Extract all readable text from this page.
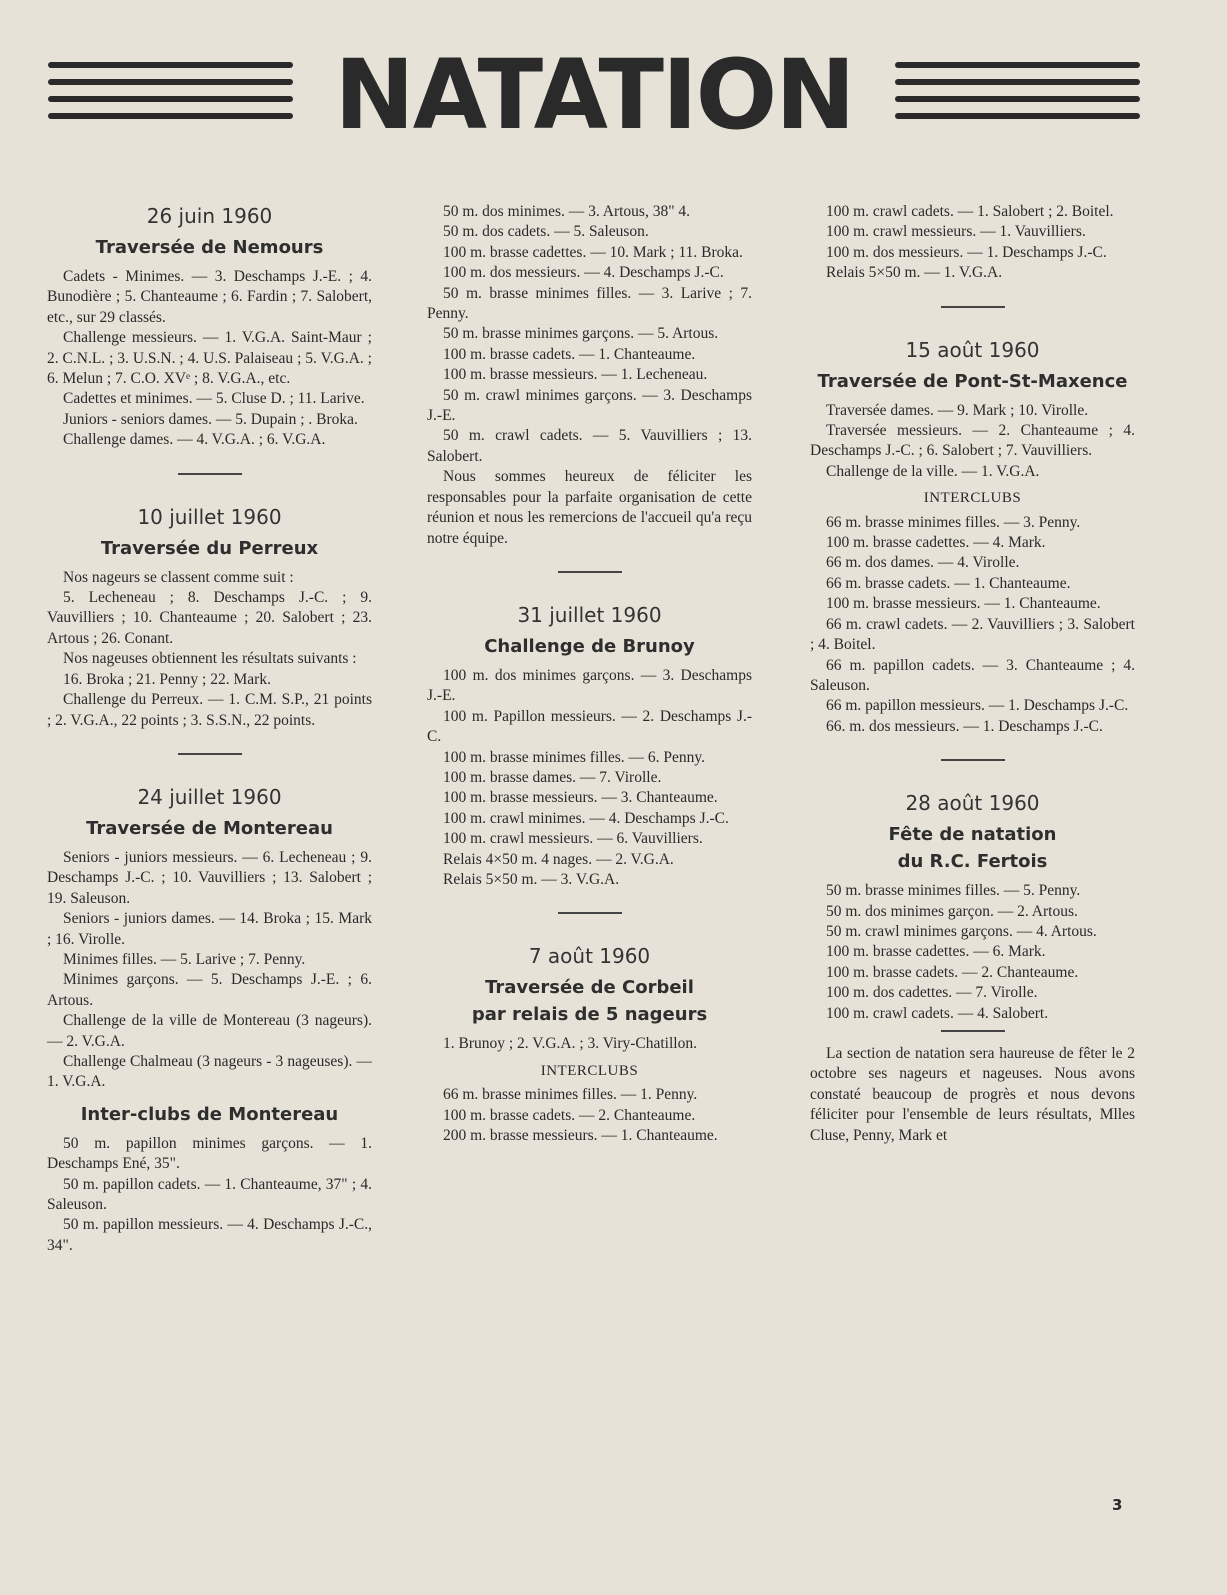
NATATION
26 juin 1960
Traversée de Nemours

Cadets - Minimes. — 3. Deschamps J.-E. ; 4. Bunodière ; 5. Chanteaume ; 6. Fardin ; 7. Salobert, etc., sur 29 classés.

Challenge messieurs. — 1. V.G.A. Saint-Maur ; 2. C.N.L. ; 3. U.S.N. ; 4. U.S. Palaiseau ; 5. V.G.A. ; 6. Melun ; 7. C.O. XVᵉ ; 8. V.G.A., etc.

Cadettes et minimes. — 5. Cluse D. ; 11. Larive.

Juniors - seniors dames. — 5. Dupain ; . Broka.

Challenge dames. — 4. V.G.A. ; 6. V.G.A.

10 juillet 1960
Traversée du Perreux

Nos nageurs se classent comme suit :

5. Lecheneau ; 8. Deschamps J.-C. ; 9. Vauvilliers ; 10. Chanteaume ; 20. Salobert ; 23. Artous ; 26. Conant.

Nos nageuses obtiennent les résultats suivants :

16. Broka ; 21. Penny ; 22. Mark.

Challenge du Perreux. — 1. C.M. S.P., 21 points ; 2. V.G.A., 22 points ; 3. S.S.N., 22 points.

24 juillet 1960
Traversée de Montereau

Seniors - juniors messieurs. — 6. Lecheneau ; 9. Deschamps J.-C. ; 10. Vauvilliers ; 13. Salobert ; 19. Saleuson.

Seniors - juniors dames. — 14. Broka ; 15. Mark ; 16. Virolle.

Minimes filles. — 5. Larive ; 7. Penny.

Minimes garçons. — 5. Deschamps J.-E. ; 6. Artous.

Challenge de la ville de Montereau (3 nageurs). — 2. V.G.A.

Challenge Chalmeau (3 nageurs - 3 nageuses). — 1. V.G.A.

Inter-clubs de Montereau

50 m. papillon minimes garçons. — 1. Deschamps Ené, 35".

50 m. papillon cadets. — 1. Chanteaume, 37" ; 4. Saleuson.

50 m. papillon messieurs. — 4. Deschamps J.-C., 34".

50 m. dos minimes. — 3. Artous, 38" 4.

50 m. dos cadets. — 5. Saleuson.

100 m. brasse cadettes. — 10. Mark ; 11. Broka.

100 m. dos messieurs. — 4. Deschamps J.-C.

50 m. brasse minimes filles. — 3. Larive ; 7. Penny.

50 m. brasse minimes garçons. — 5. Artous.

100 m. brasse cadets. — 1. Chanteaume.

100 m. brasse messieurs. — 1. Lecheneau.

50 m. crawl minimes garçons. — 3. Deschamps J.-E.

50 m. crawl cadets. — 5. Vauvilliers ; 13. Salobert.

Nous sommes heureux de féliciter les responsables pour la parfaite organisation de cette réunion et nous les remercions de l'accueil qu'a reçu notre équipe.

31 juillet 1960
Challenge de Brunoy

100 m. dos minimes garçons. — 3. Deschamps J.-E.

100 m. Papillon messieurs. — 2. Deschamps J.-C.

100 m. brasse minimes filles. — 6. Penny.

100 m. brasse dames. — 7. Virolle.

100 m. brasse messieurs. — 3. Chanteaume.

100 m. crawl minimes. — 4. Deschamps J.-C.

100 m. crawl messieurs. — 6. Vauvilliers.

Relais 4×50 m. 4 nages. — 2. V.G.A.

Relais 5×50 m. — 3. V.G.A.

7 août 1960
Traversée de Corbeil
par relais de 5 nageurs

1. Brunoy ; 2. V.G.A. ; 3. Viry-Chatillon.

INTERCLUBS

66 m. brasse minimes filles. — 1. Penny.

100 m. brasse cadets. — 2. Chanteaume.

200 m. brasse messieurs. — 1. Chanteaume.

100 m. crawl cadets. — 1. Salobert ; 2. Boitel.

100 m. crawl messieurs. — 1. Vauvilliers.

100 m. dos messieurs. — 1. Deschamps J.-C.

Relais 5×50 m. — 1. V.G.A.

15 août 1960
Traversée de Pont-St-Maxence

Traversée dames. — 9. Mark ; 10. Virolle.

Traversée messieurs. — 2. Chanteaume ; 4. Deschamps J.-C. ; 6. Salobert ; 7. Vauvilliers.

Challenge de la ville. — 1. V.G.A.

INTERCLUBS

66 m. brasse minimes filles. — 3. Penny.

100 m. brasse cadettes. — 4. Mark.

66 m. dos dames. — 4. Virolle.

66 m. brasse cadets. — 1. Chanteaume.

100 m. brasse messieurs. — 1. Chanteaume.

66 m. crawl cadets. — 2. Vauvilliers ; 3. Salobert ; 4. Boitel.

66 m. papillon cadets. — 3. Chanteaume ; 4. Saleuson.

66 m. papillon messieurs. — 1. Deschamps J.-C.

66. m. dos messieurs. — 1. Deschamps J.-C.

28 août 1960
Fête de natation
du R.C. Fertois

50 m. brasse minimes filles. — 5. Penny.

50 m. dos minimes garçon. — 2. Artous.

50 m. crawl minimes garçons. — 4. Artous.

100 m. brasse cadettes. — 6. Mark.

100 m. brasse cadets. — 2. Chanteaume.

100 m. dos cadettes. — 7. Virolle.

100 m. crawl cadets. — 4. Salobert.

La section de natation sera haureuse de fêter le 2 octobre ses nageurs et nageuses. Nous avons constaté beaucoup de progrès et nous devons féliciter pour l'ensemble de leurs résultats, Mlles Cluse, Penny, Mark et

3
